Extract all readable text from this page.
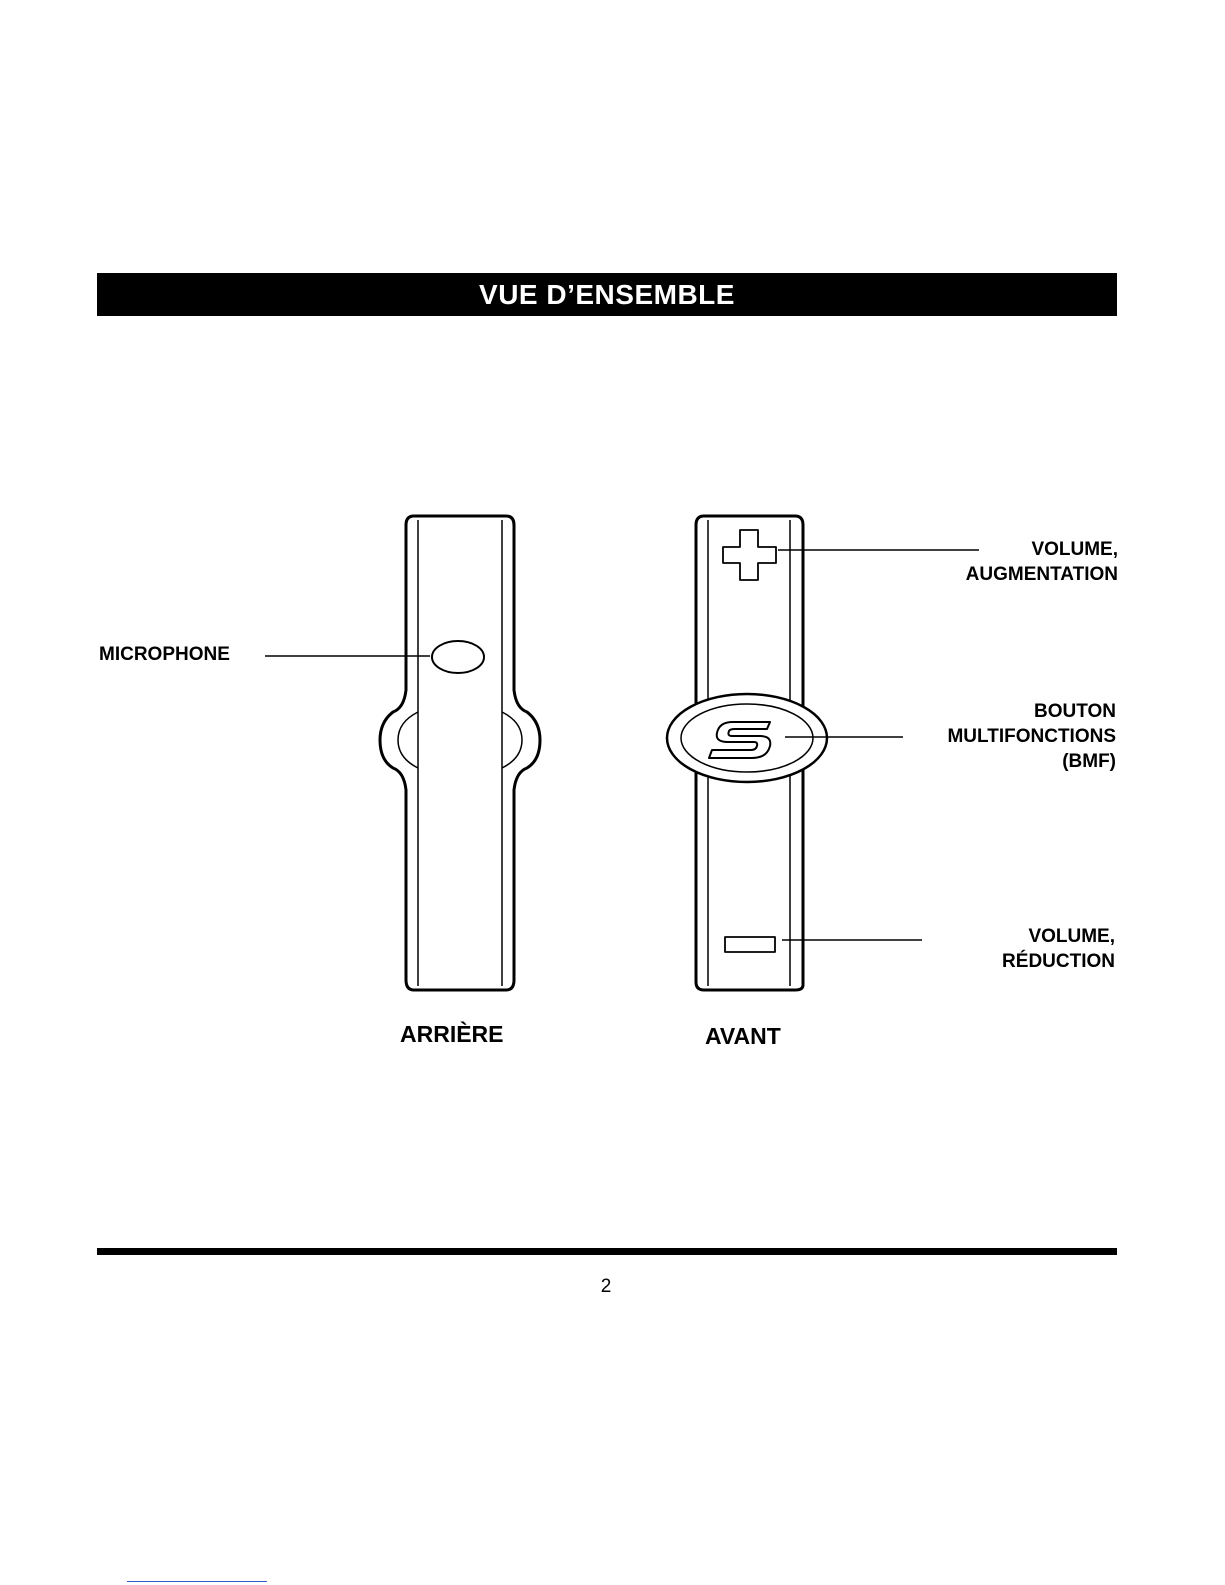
VUE D’ENSEMBLE
MICROPHONE
VOLUME,
AUGMENTATION
BOUTON
MULTIFONCTIONS
(BMF)
VOLUME,
RÉDUCTION
ARRIÈRE	AVANT
2
